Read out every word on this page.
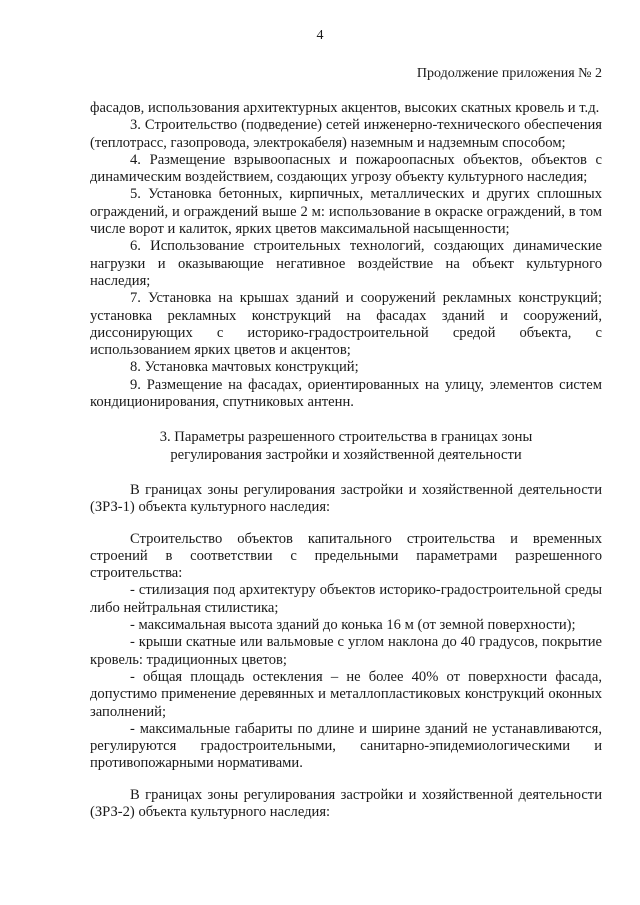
4
Продолжение приложения № 2

фасадов, использования архитектурных акцентов, высоких скатных кровель и т.д.

3. Строительство (подведение) сетей инженерно-технического обеспечения (теплотрасс, газопровода, электрокабеля) наземным и надземным способом;

4. Размещение взрывоопасных и пожароопасных объектов, объектов с динамическим воздействием, создающих угрозу объекту культурного наследия;

5. Установка бетонных, кирпичных, металлических и других сплошных ограждений, и ограждений выше 2 м: использование в окраске ограждений, в том числе ворот и калиток, ярких цветов максимальной насыщенности;

6. Использование строительных технологий, создающих динамические нагрузки и оказывающие негативное воздействие на объект культурного наследия;

7. Установка на крышах зданий и сооружений рекламных конструкций; установка рекламных конструкций на фасадах зданий и сооружений, диссонирующих с историко-градостроительной средой объекта, с использованием ярких цветов и акцентов;

8. Установка мачтовых конструкций;

9. Размещение на фасадах, ориентированных на улицу, элементов систем кондиционирования, спутниковых антенн.

3. Параметры разрешенного строительства в границах зоны регулирования застройки и хозяйственной деятельности

В границах зоны регулирования застройки и хозяйственной деятельности (ЗРЗ-1) объекта культурного наследия:

Строительство объектов капитального строительства и временных строений в соответствии с предельными параметрами разрешенного строительства:

- стилизация под архитектуру объектов историко-градостроительной среды либо нейтральная стилистика;

- максимальная высота зданий до конька 16 м (от земной поверхности);

- крыши скатные или вальмовые с углом наклона до 40 градусов, покрытие кровель: традиционных цветов;

- общая площадь остекления – не более 40% от поверхности фасада, допустимо применение деревянных и металлопластиковых конструкций оконных заполнений;

- максимальные габариты по длине и ширине зданий не устанавливаются, регулируются градостроительными, санитарно-эпидемиологическими и противопожарными нормативами.

В границах зоны регулирования застройки и хозяйственной деятельности (ЗРЗ-2) объекта культурного наследия:
